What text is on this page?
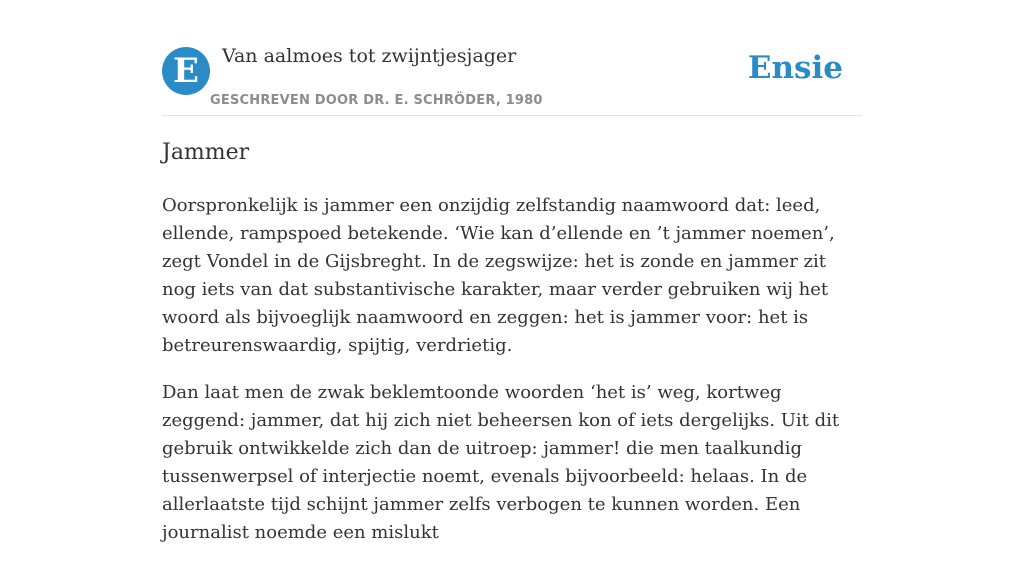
E	Van aalmoes tot zwijntjesjager
GESCHREVEN DOOR DR. E. SCHRÖDER, 1980
Ensie
Jammer

Oorspronkelijk is jammer een onzijdig zelfstandig naamwoord dat: leed, ellende, rampspoed betekende. ‘Wie kan d’ellende en ’t jammer noemen’, zegt Vondel in de Gijsbreght. In de zegswijze: het is zonde en jammer zit nog iets van dat substantivische karakter, maar verder gebruiken wij het woord als bijvoeglijk naamwoord en zeggen: het is jammer voor: het is betreurenswaardig, spijtig, verdrietig.

Dan laat men de zwak beklemtoonde woorden ‘het is’ weg, kortweg zeggend: jammer, dat hij zich niet beheersen kon of iets dergelijks. Uit dit gebruik ontwikkelde zich dan de uitroep: jammer! die men taalkundig tussenwerpsel of interjectie noemt, evenals bijvoorbeeld: helaas. In de allerlaatste tijd schijnt jammer zelfs verbogen te kunnen worden. Een journalist noemde een mislukt
